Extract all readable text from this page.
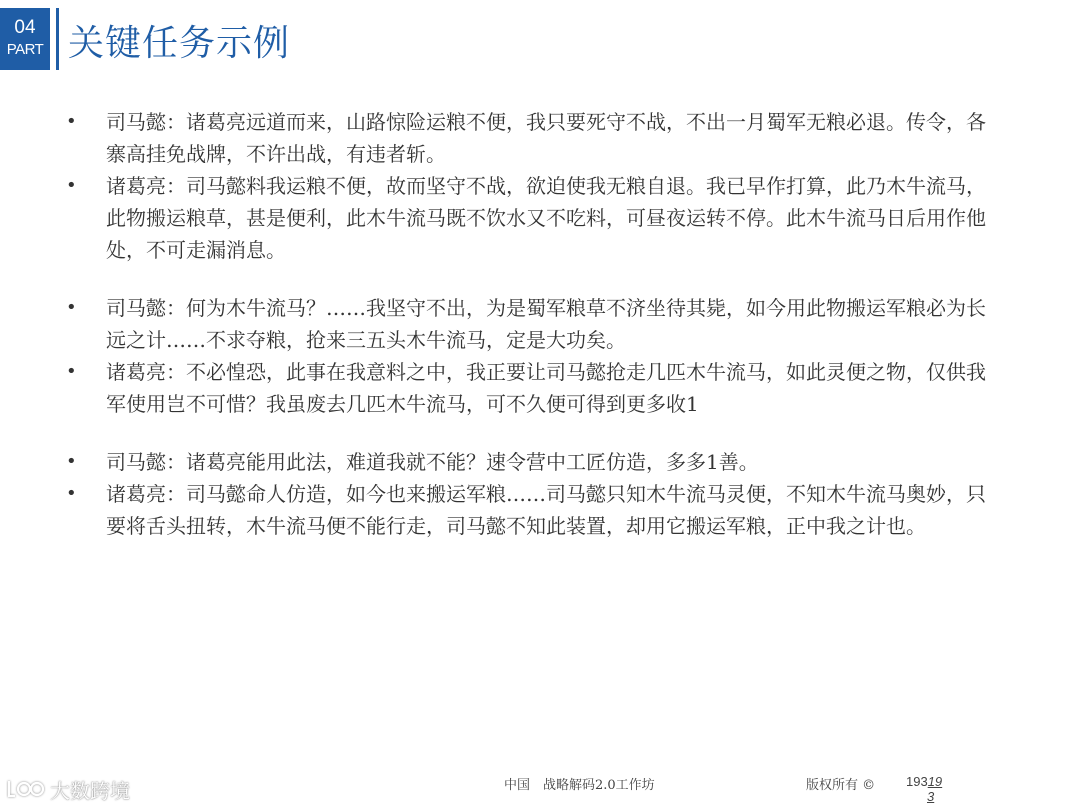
04
PART 关键任务示例
• 司马懿：诸葛亮远道而来，山路惊险运粮不便，我只要死守不战，不出一月蜀军无粮必退。传令，各寨高挂免战牌，不许出战，有违者斩。
• 诸葛亮：司马懿料我运粮不便，故而坚守不战，欲迫使我无粮自退。我已早作打算，此乃木牛流马，此物搬运粮草，甚是便利，此木牛流马既不饮水又不吃料，可昼夜运转不停。此木牛流马日后用作他处，不可走漏消息。
• 司马懿：何为木牛流马？……我坚守不出，为是蜀军粮草不济坐待其毙，如今用此物搬运军粮必为长远之计……不求夺粮，抢来三五头木牛流马，定是大功矣。
• 诸葛亮：不必惶恐，此事在我意料之中，我正要让司马懿抢走几匹木牛流马，如此灵便之物，仅供我军使用岂不可惜？我虽废去几匹木牛流马，可不久便可得到更多收1
• 司马懿：诸葛亮能用此法，难道我就不能？速令营中工匠仿造，多多1善。
• 诸葛亮：司马懿命人仿造，如今也来搬运军粮……司马懿只知木牛流马灵便，不知木牛流马奥妙，只要将舌头扭转，木牛流马便不能行走，司马懿不知此装置，却用它搬运军粮，正中我之计也。
大数跨境	中国　战略解码2.0工作坊	版权所有 © 19319
3
